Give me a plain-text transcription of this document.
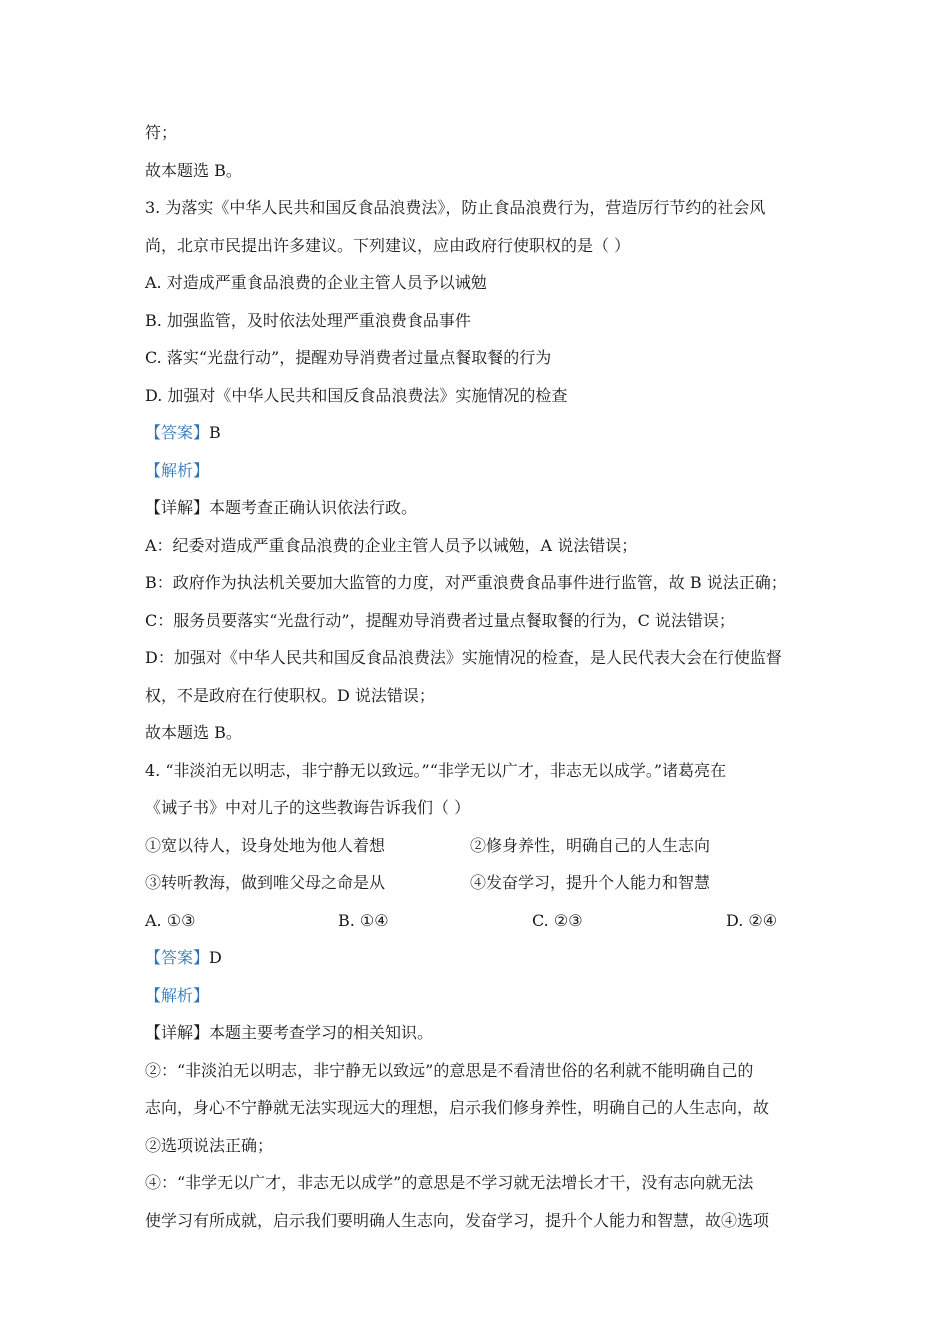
符；
故本题选 B。
3. 为落实《中华人民共和国反食品浪费法》，防止食品浪费行为，营造厉行节约的社会风
尚，北京市民提出许多建议。下列建议，应由政府行使职权的是（ ）
A. 对造成严重食品浪费的企业主管人员予以诫勉
B. 加强监管，及时依法处理严重浪费食品事件
C. 落实“光盘行动”，提醒劝导消费者过量点餐取餐的行为
D. 加强对《中华人民共和国反食品浪费法》实施情况的检查
【答案】B
【解析】
【详解】本题考查正确认识依法行政。
A：纪委对造成严重食品浪费的企业主管人员予以诫勉，A 说法错误；
B：政府作为执法机关要加大监管的力度，对严重浪费食品事件进行监管，故 B 说法正确；
C：服务员要落实“光盘行动”，提醒劝导消费者过量点餐取餐的行为，C 说法错误；
D：加强对《中华人民共和国反食品浪费法》实施情况的检查，是人民代表大会在行使监督
权，不是政府在行使职权。D 说法错误；
故本题选 B。
4. “非淡泊无以明志，非宁静无以致远。”“非学无以广才，非志无以成学。”诸葛亮在
《诫子书》中对儿子的这些教诲告诉我们（ ）
①宽以待人，设身处地为他人着想	②修身养性，明确自己的人生志向
③转听教海，做到唯父母之命是从	④发奋学习，提升个人能力和智慧
A. ①③	B. ①④	C. ②③	D. ②④
【答案】D
【解析】
【详解】本题主要考查学习的相关知识。
②：“非淡泊无以明志，非宁静无以致远”的意思是不看清世俗的名利就不能明确自己的
志向，身心不宁静就无法实现远大的理想，启示我们修身养性，明确自己的人生志向，故
②选项说法正确；
④：“非学无以广才，非志无以成学”的意思是不学习就无法增长才干，没有志向就无法
使学习有所成就，启示我们要明确人生志向，发奋学习，提升个人能力和智慧，故④选项
